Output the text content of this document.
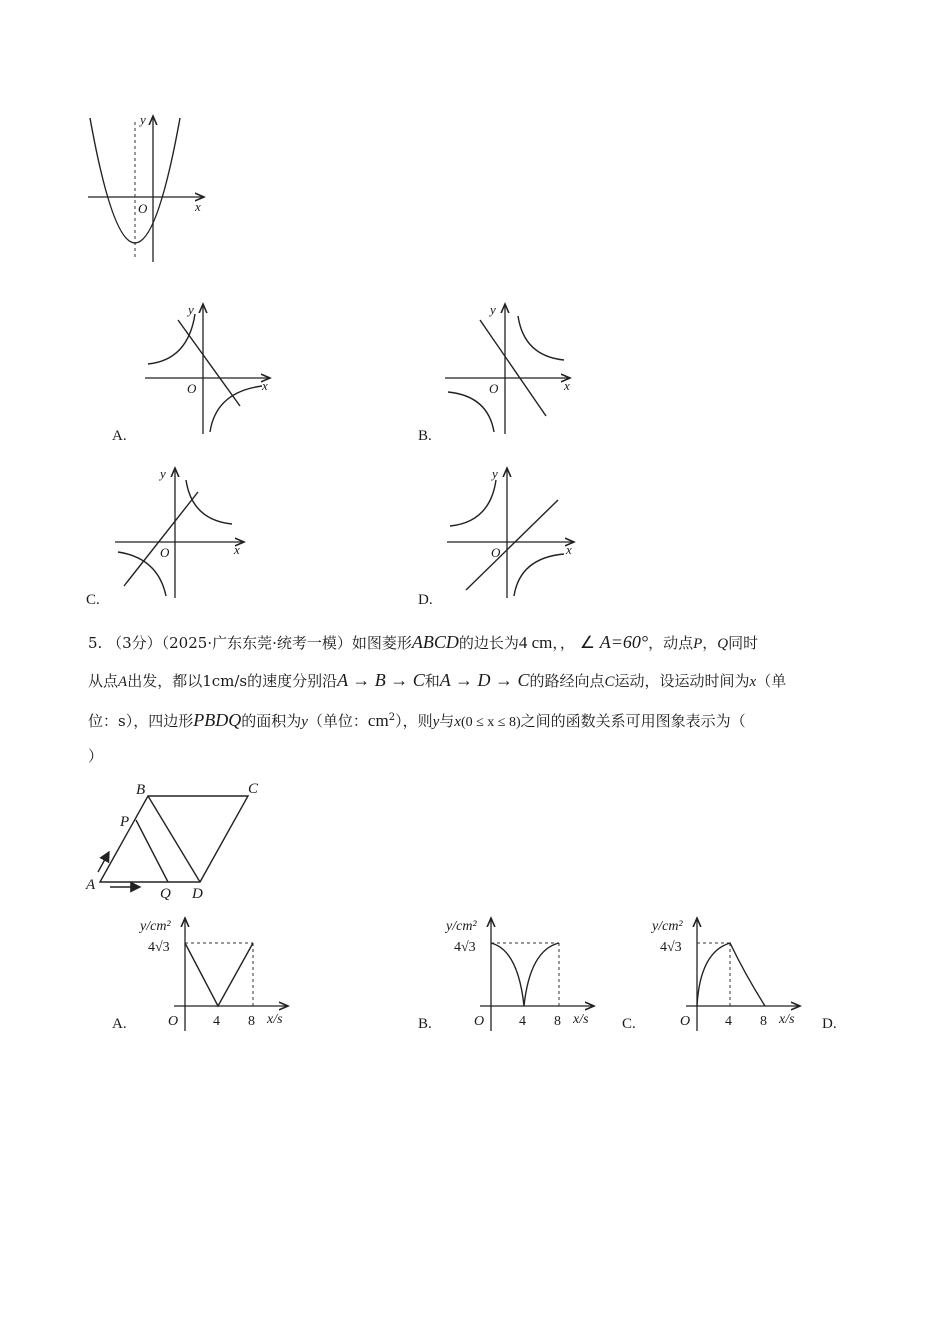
y
O	x
y
O	x
A.
y
O	x
B.
y
O	x
C.
y
O	x
D.
5. （3分）（2025·广东东莞·统考一模）如图菱形ABCD的边长为4 cm，， ∠ A=60°，动点P，Q同时
从点A出发，都以1cm/s的速度分别沿A → B → C和A → D → C的路经向点C运动，设运动时间为x（单
位：s），四边形PBDQ的面积为y（单位：$cm^2$），则y与x(0 ≤ x ≤ 8)之间的函数关系可用图象表示为（
）
A
B	C
D
P
Q
y/cm²
4√3
O 4 8 x/s
A.
y/cm²
4√3
O 4 8 x/s
B.
y/cm²
4√3
O 4 8 x/s
C.	D.
